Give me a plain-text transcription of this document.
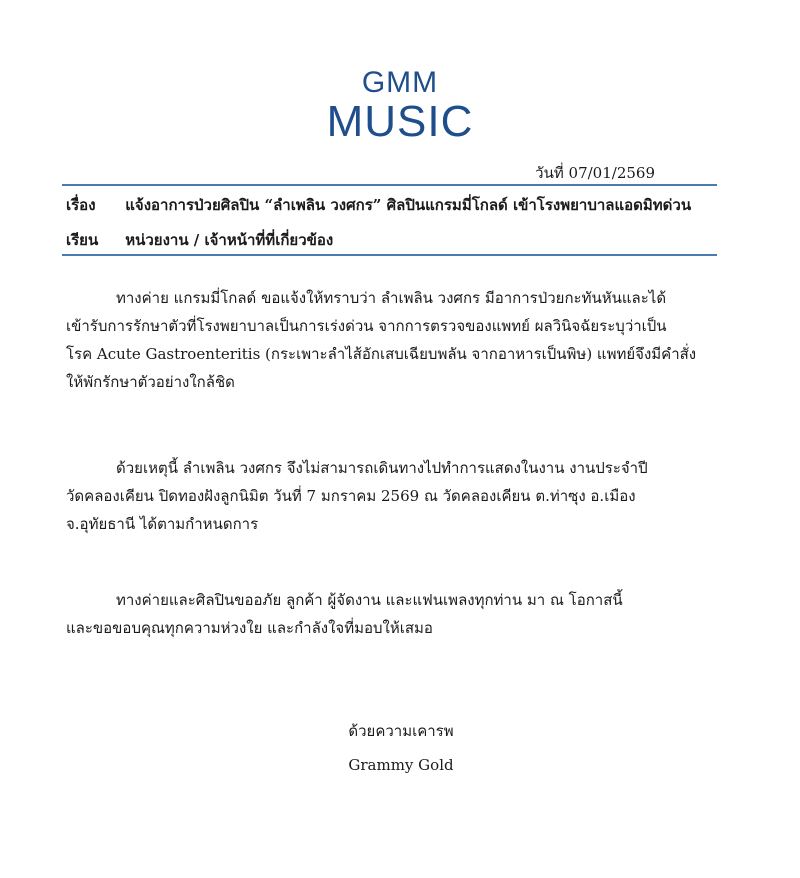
GMM
MUSIC
วันที่ 07/01/2569
เรื่อง แจ้งอาการป่วยศิลปิน “ลำเพลิน วงศกร” ศิลปินแกรมมี่โกลด์ เข้าโรงพยาบาลแอดมิทด่วน
เรียน หน่วยงาน / เจ้าหน้าที่ที่เกี่ยวข้อง
ทางค่าย แกรมมี่โกลด์ ขอแจ้งให้ทราบว่า ลำเพลิน วงศกร มีอาการป่วยกะทันหันและได้
เข้ารับการรักษาตัวที่โรงพยาบาลเป็นการเร่งด่วน จากการตรวจของแพทย์ ผลวินิจฉัยระบุว่าเป็น
โรค Acute Gastroenteritis (กระเพาะลำไส้อักเสบเฉียบพลัน จากอาหารเป็นพิษ) แพทย์จึงมีคำสั่ง
ให้พักรักษาตัวอย่างใกล้ชิด
ด้วยเหตุนี้ ลำเพลิน วงศกร จึงไม่สามารถเดินทางไปทำการแสดงในงาน งานประจำปี
วัดคลองเคียน ปิดทองฝังลูกนิมิต วันที่ 7 มกราคม 2569 ณ วัดคลองเคียน ต.ท่าซุง อ.เมือง
จ.อุทัยธานี ได้ตามกำหนดการ
ทางค่ายและศิลปินขออภัย ลูกค้า ผู้จัดงาน และแฟนเพลงทุกท่าน มา ณ โอกาสนี้
และขอขอบคุณทุกความห่วงใย และกำลังใจที่มอบให้เสมอ
ด้วยความเคารพ
Grammy Gold
